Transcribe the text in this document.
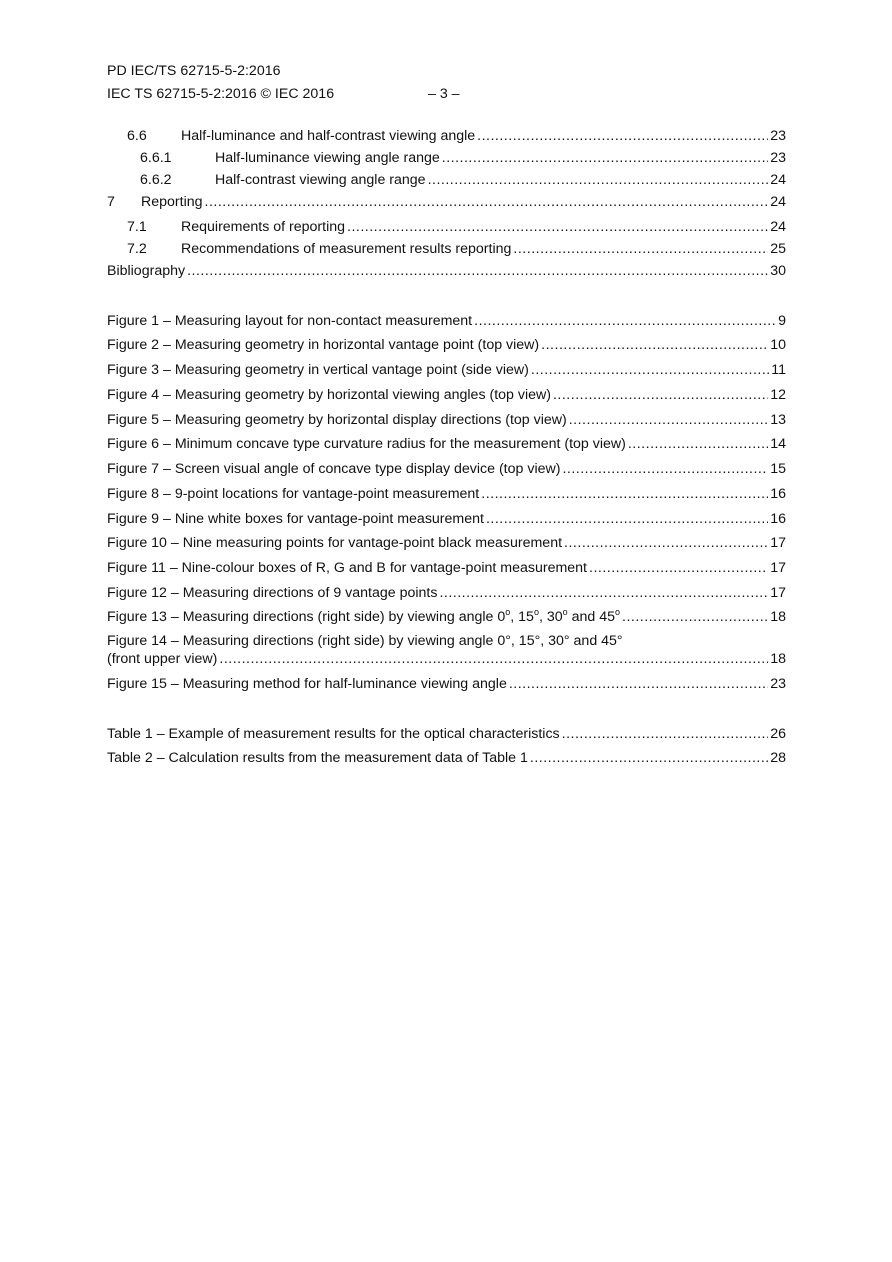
PD IEC/TS 62715-5-2:2016
IEC TS 62715-5-2:2016 © IEC 2016	– 3 –
6.6	Half-luminance and half-contrast viewing angle .....	23
6.6.1	Half-luminance viewing angle range .....	23
6.6.2	Half-contrast viewing angle range .....	24
7	Reporting .....	24
7.1	Requirements of reporting .....	24
7.2	Recommendations of measurement results reporting .....	25
Bibliography .....	30
Figure 1 – Measuring layout for non-contact measurement .....	9
Figure 2 – Measuring geometry in horizontal vantage point (top view) .....	10
Figure 3 – Measuring geometry in vertical vantage point (side view) .....	11
Figure 4 – Measuring geometry by horizontal viewing angles (top view) .....	12
Figure 5 – Measuring geometry by horizontal display directions (top view) .....	13
Figure 6 – Minimum concave type curvature radius for the measurement (top view) .....	14
Figure 7 – Screen visual angle of concave type display device (top view) .....	15
Figure 8 – 9-point locations for vantage-point measurement .....	16
Figure 9 – Nine white boxes for vantage-point measurement .....	16
Figure 10 – Nine measuring points for vantage-point black measurement .....	17
Figure 11 – Nine-colour boxes of R, G and B for vantage-point measurement .....	17
Figure 12 – Measuring directions of 9 vantage points .....	17
Figure 13 – Measuring directions (right side) by viewing angle 0$^o$, 15$^o$, 30$^o$ and 45$^o$ .....	18
Figure 14 – Measuring directions (right side) by viewing angle 0°, 15°, 30° and 45°
(front upper view) .....	18
Figure 15 – Measuring method for half-luminance viewing angle .....	23
Table 1 – Example of measurement results for the optical characteristics .....	26
Table 2 – Calculation results from the measurement data of Table 1 .....	28
